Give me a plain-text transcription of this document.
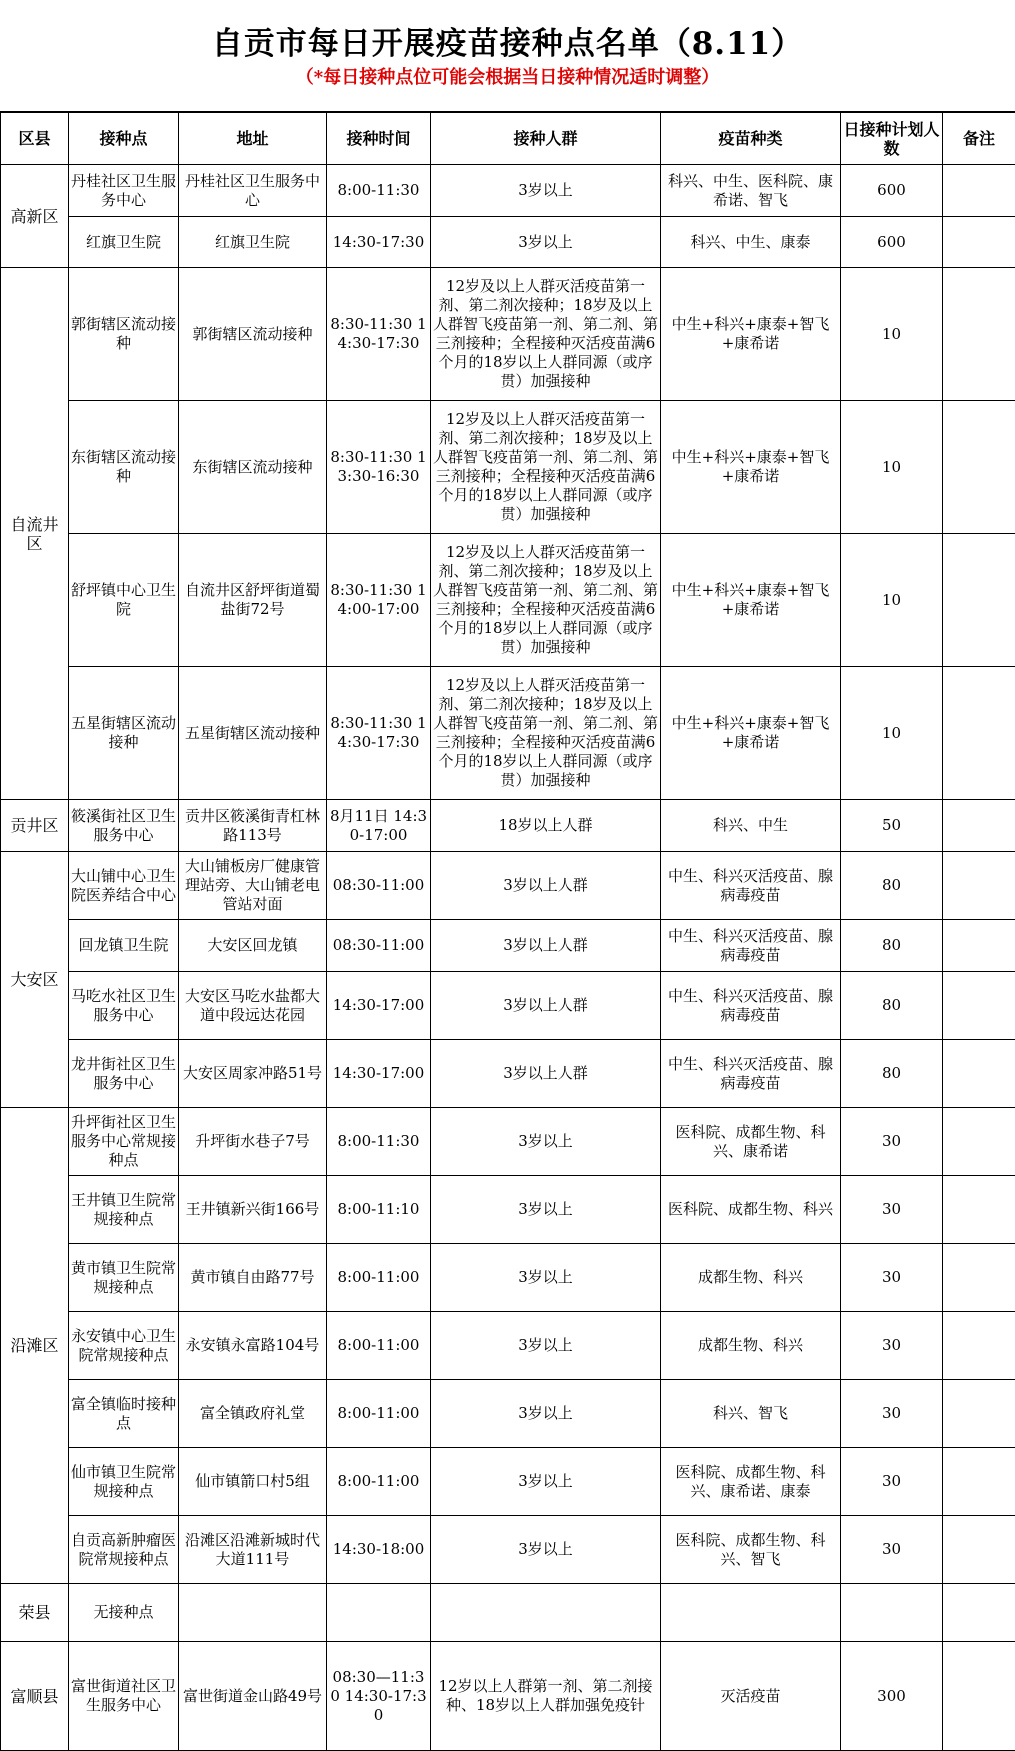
自贡市每日开展疫苗接种点名单（8.11）
（*每日接种点位可能会根据当日接种情况适时调整）
区县	接种点	地址	接种时间	接种人群	疫苗种类	日接种计划人数	备注
高新区	丹桂社区卫生服务中心	丹桂社区卫生服务中心	8:00-11:30	3岁以上	科兴、中生、医科院、康希诺、智飞	600	
	红旗卫生院	红旗卫生院	14:30-17:30	3岁以上	科兴、中生、康泰	600	
自流井区	郭街辖区流动接种	郭街辖区流动接种	8:30-11:30 14:30-17:30	12岁及以上人群灭活疫苗第一剂、第二剂次接种；18岁及以上人群智飞疫苗第一剂、第二剂、第三剂接种；全程接种灭活疫苗满6个月的18岁以上人群同源（或序贯）加强接种	中生+科兴+康泰+智飞+康希诺	10	
	东街辖区流动接种	东街辖区流动接种	8:30-11:30 13:30-16:30	12岁及以上人群灭活疫苗第一剂、第二剂次接种；18岁及以上人群智飞疫苗第一剂、第二剂、第三剂接种；全程接种灭活疫苗满6个月的18岁以上人群同源（或序贯）加强接种	中生+科兴+康泰+智飞+康希诺	10	
	舒坪镇中心卫生院	自流井区舒坪街道蜀盐街72号	8:30-11:30 14:00-17:00	12岁及以上人群灭活疫苗第一剂、第二剂次接种；18岁及以上人群智飞疫苗第一剂、第二剂、第三剂接种；全程接种灭活疫苗满6个月的18岁以上人群同源（或序贯）加强接种	中生+科兴+康泰+智飞+康希诺	10	
	五星街辖区流动接种	五星街辖区流动接种	8:30-11:30 14:30-17:30	12岁及以上人群灭活疫苗第一剂、第二剂次接种；18岁及以上人群智飞疫苗第一剂、第二剂、第三剂接种；全程接种灭活疫苗满6个月的18岁以上人群同源（或序贯）加强接种	中生+科兴+康泰+智飞+康希诺	10	
贡井区	筱溪街社区卫生服务中心	贡井区筱溪街青杠林路113号	8月11日 14:30-17:00	18岁以上人群	科兴、中生	50	
大安区	大山铺中心卫生院医养结合中心	大山铺板房厂健康管理站旁、大山铺老电管站对面	08:30-11:00	3岁以上人群	中生、科兴灭活疫苗、腺病毒疫苗	80	
	回龙镇卫生院	大安区回龙镇	08:30-11:00	3岁以上人群	中生、科兴灭活疫苗、腺病毒疫苗	80	
	马吃水社区卫生服务中心	大安区马吃水盐都大道中段远达花园	14:30-17:00	3岁以上人群	中生、科兴灭活疫苗、腺病毒疫苗	80	
	龙井街社区卫生服务中心	大安区周家冲路51号	14:30-17:00	3岁以上人群	中生、科兴灭活疫苗、腺病毒疫苗	80	
沿滩区	升坪街社区卫生服务中心常规接种点	升坪街水巷子7号	8:00-11:30	3岁以上	医科院、成都生物、科兴、康希诺	30	
	王井镇卫生院常规接种点	王井镇新兴街166号	8:00-11:10	3岁以上	医科院、成都生物、科兴	30	
	黄市镇卫生院常规接种点	黄市镇自由路77号	8:00-11:00	3岁以上	成都生物、科兴	30	
	永安镇中心卫生院常规接种点	永安镇永富路104号	8:00-11:00	3岁以上	成都生物、科兴	30	
	富全镇临时接种点	富全镇政府礼堂	8:00-11:00	3岁以上	科兴、智飞	30	
	仙市镇卫生院常规接种点	仙市镇箭口村5组	8:00-11:00	3岁以上	医科院、成都生物、科兴、康希诺、康泰	30	
	自贡高新肿瘤医院常规接种点	沿滩区沿滩新城时代大道111号	14:30-18:00	3岁以上	医科院、成都生物、科兴、智飞	30	
荣县	无接种点						
富顺县	富世街道社区卫生服务中心	富世街道金山路49号	08:30—11:30 14:30-17:30	12岁以上人群第一剂、第二剂接种、18岁以上人群加强免疫针	灭活疫苗	300	
